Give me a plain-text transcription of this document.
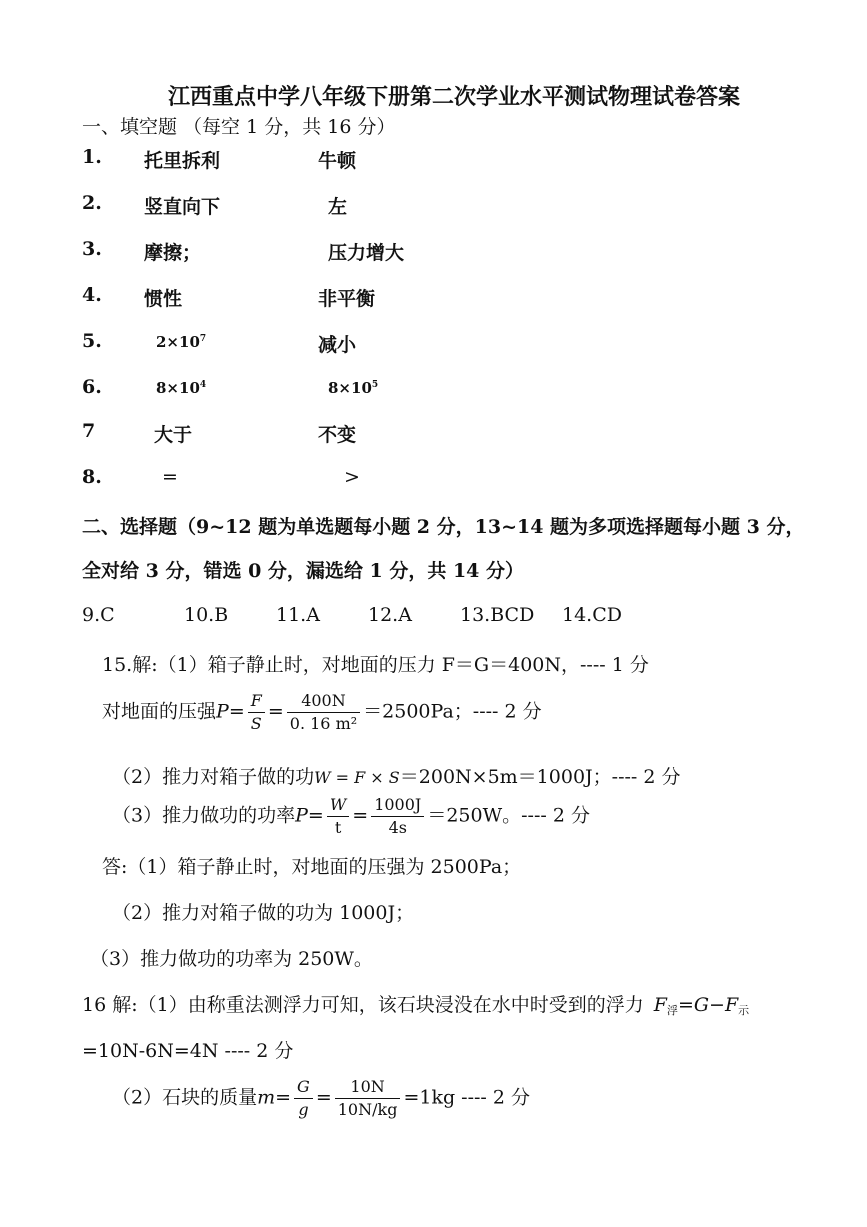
江西重点中学八年级下册第二次学业水平测试物理试卷答案
一、填空题 （每空 1 分，共 16 分）
1. 托里拆利	牛顿
2. 竖直向下	左
3. 摩擦；	压力增大
4. 惯性	非平衡
5.	$2\times 10^7$	减小
6.	$8\times 10^4$	$8\times 10^5$
7	大于	不变
8.	=	>
二、选择题（9~12 题为单选题每小题 2 分，13~14 题为多项选择题每小题 3 分，
全对给 3 分，错选 0 分，漏选给 1 分，共 14 分）
9.C	10.B	11.A	12.A	13.BCD 14.CD
15.解:（1）箱子静止时，对地面的压力 F＝G＝400N，---- 1 分
对地面的压强$P= \frac{F}{S} = \frac{400N}{\text{0. 16 m²}} =2500Pa$；---- 2 分
（2）推力对箱子做的功W = F × S＝200N×5m＝1000J；---- 2 分
（3）推力做功的功率$P= \frac{W}{t} = \frac{1000J}{4s} =250W$。---- 2 分
答:（1）箱子静止时，对地面的压强为 2500Pa；
（2）推力对箱子做的功为 1000J；
（3）推力做功的功率为 250W。
16 解:（1）由称重法测浮力可知，该石块浸没在水中时受到的浮力 $F_浮=G-F_示$
=10N-6N=4N ---- 2 分
（2）石块的质量$m= \frac{G}{g} = \frac{10N}{10N/kg} =1kg$ ---- 2 分
